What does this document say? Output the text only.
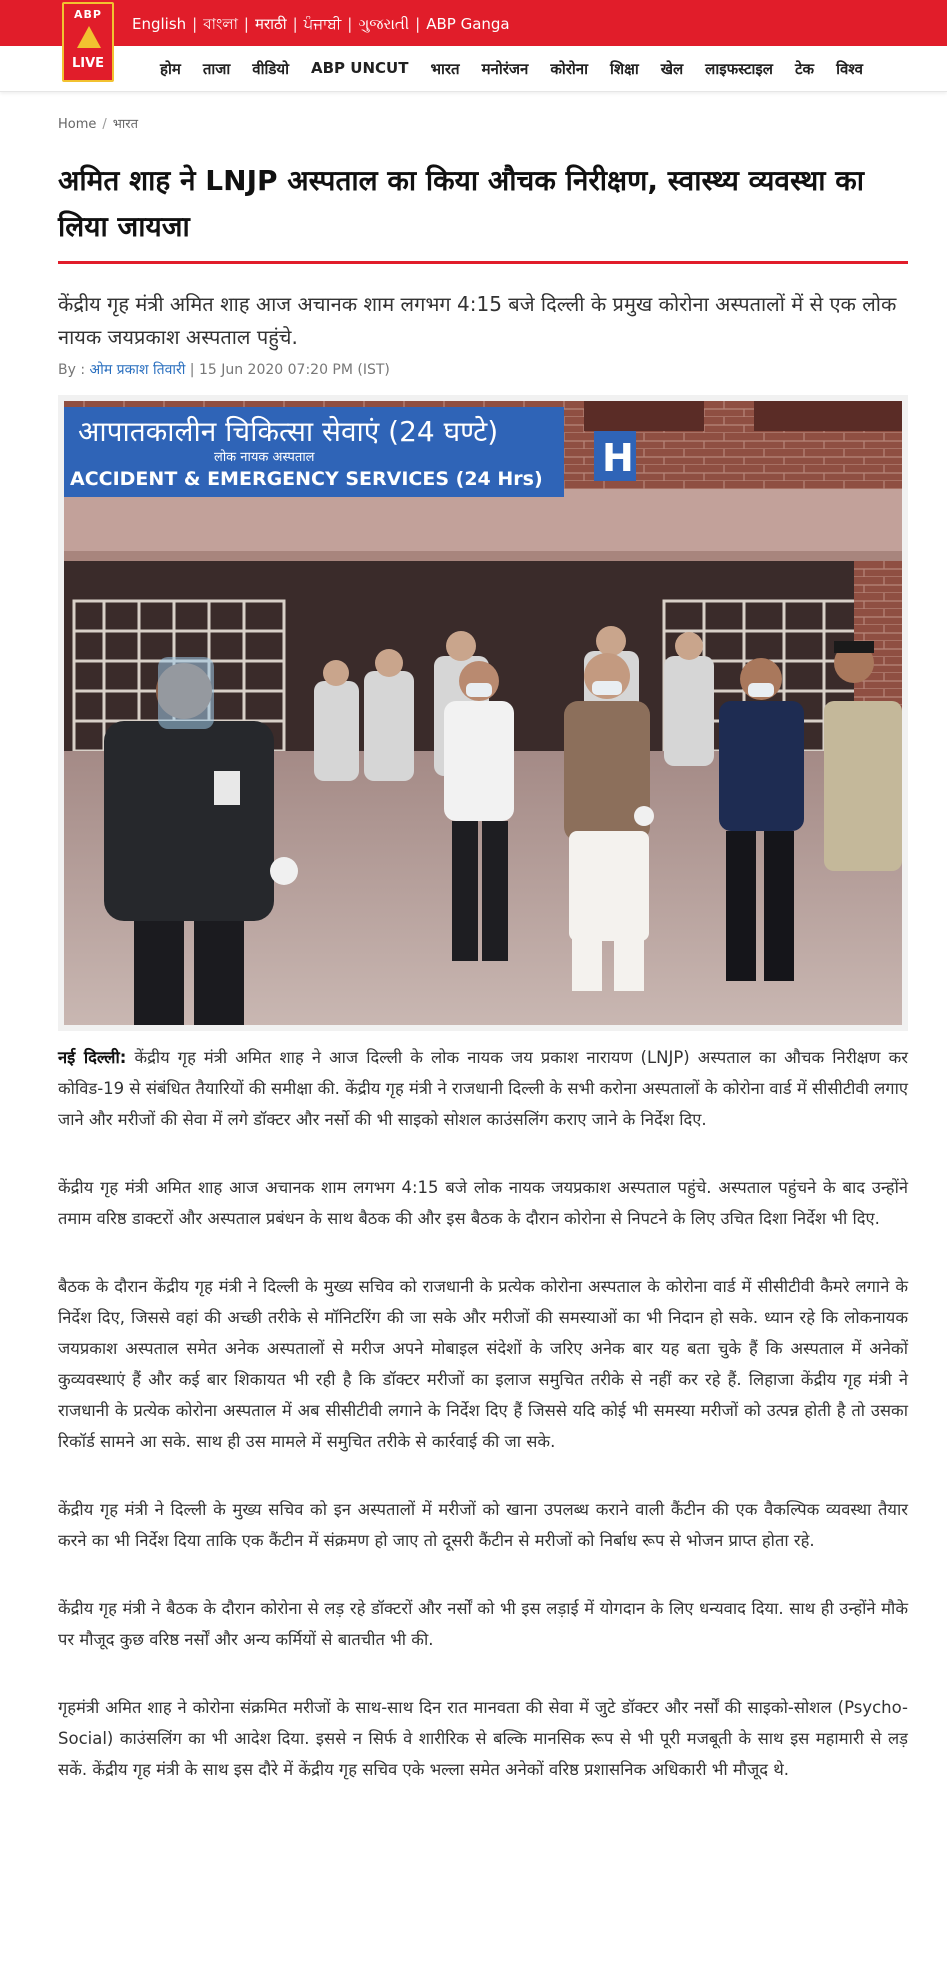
English | বাংলা | मराठी | ਪੰਜਾਬੀ | ગુજરાતી | ABP Ganga
ABP
LIVE	होम ताजा वीडियो ABP UNCUT भारत मनोरंजन कोरोना शिक्षा खेल लाइफस्टाइल टेक विश्व
Home / भारत
अमित शाह ने LNJP अस्पताल का किया औचक निरीक्षण, स्वास्थ्य व्यवस्था का लिया जायजा
केंद्रीय गृह मंत्री अमित शाह आज अचानक शाम लगभग 4:15 बजे दिल्ली के प्रमुख कोरोना अस्पतालों में से एक लोक नायक जयप्रकाश अस्पताल पहुंचे.
By : ओम प्रकाश तिवारी | 15 Jun 2020 07:20 PM (IST)
आपातकालीन चिकित्सा सेवाएं (24 घण्टे)
लोक नायक अस्पताल
ACCIDENT & EMERGENCY SERVICES (24 Hrs) H

नई दिल्ली: केंद्रीय गृह मंत्री अमित शाह ने आज दिल्ली के लोक नायक जय प्रकाश नारायण (LNJP) अस्पताल का औचक निरीक्षण कर कोविड-19 से संबंधित तैयारियों की समीक्षा की. केंद्रीय गृह मंत्री ने राजधानी दिल्ली के सभी करोना अस्पतालों के कोरोना वार्ड में सीसीटीवी लगाए जाने और मरीजों की सेवा में लगे डॉक्टर और नर्सो की भी साइको सोशल काउंसलिंग कराए जाने के निर्देश दिए.

केंद्रीय गृह मंत्री अमित शाह आज अचानक शाम लगभग 4:15 बजे लोक नायक जयप्रकाश अस्पताल पहुंचे. अस्पताल पहुंचने के बाद उन्होंने तमाम वरिष्ठ डाक्टरों और अस्पताल प्रबंधन के साथ बैठक की और इस बैठक के दौरान कोरोना से निपटने के लिए उचित दिशा निर्देश भी दिए.

बैठक के दौरान केंद्रीय गृह मंत्री ने दिल्ली के मुख्य सचिव को राजधानी के प्रत्येक कोरोना अस्पताल के कोरोना वार्ड में सीसीटीवी कैमरे लगाने के निर्देश दिए, जिससे वहां की अच्छी तरीके से मॉनिटरिंग की जा सके और मरीजों की समस्याओं का भी निदान हो सके. ध्यान रहे कि लोकनायक जयप्रकाश अस्पताल समेत अनेक अस्पतालों से मरीज अपने मोबाइल संदेशों के जरिए अनेक बार यह बता चुके हैं कि अस्पताल में अनेकों कुव्यवस्थाएं हैं और कई बार शिकायत भी रही है कि डॉक्टर मरीजों का इलाज समुचित तरीके से नहीं कर रहे हैं. लिहाजा केंद्रीय गृह मंत्री ने राजधानी के प्रत्येक कोरोना अस्पताल में अब सीसीटीवी लगाने के निर्देश दिए हैं जिससे यदि कोई भी समस्या मरीजों को उत्पन्न होती है तो उसका रिकॉर्ड सामने आ सके. साथ ही उस मामले में समुचित तरीके से कार्रवाई की जा सके.

केंद्रीय गृह मंत्री ने दिल्ली के मुख्य सचिव को इन अस्पतालों में मरीजों को खाना उपलब्ध कराने वाली कैंटीन की एक वैकल्पिक व्यवस्था तैयार करने का भी निर्देश दिया ताकि एक कैंटीन में संक्रमण हो जाए तो दूसरी कैंटीन से मरीजों को निर्बाध रूप से भोजन प्राप्त होता रहे.

केंद्रीय गृह मंत्री ने बैठक के दौरान कोरोना से लड़ रहे डॉक्टरों और नर्सों को भी इस लड़ाई में योगदान के लिए धन्यवाद दिया. साथ ही उन्होंने मौके पर मौजूद कुछ वरिष्ठ नर्सों और अन्य कर्मियों से बातचीत भी की.

गृहमंत्री अमित शाह ने कोरोना संक्रमित मरीजों के साथ-साथ दिन रात मानवता की सेवा में जुटे डॉक्टर और नर्सों की साइको-सोशल (Psycho-Social) काउंसलिंग का भी आदेश दिया. इससे न सिर्फ वे शारीरिक से बल्कि मानसिक रूप से भी पूरी मजबूती के साथ इस महामारी से लड़ सकें. केंद्रीय गृह मंत्री के साथ इस दौरे में केंद्रीय गृह सचिव एके भल्ला समेत अनेकों वरिष्ठ प्रशासनिक अधिकारी भी मौजूद थे.
